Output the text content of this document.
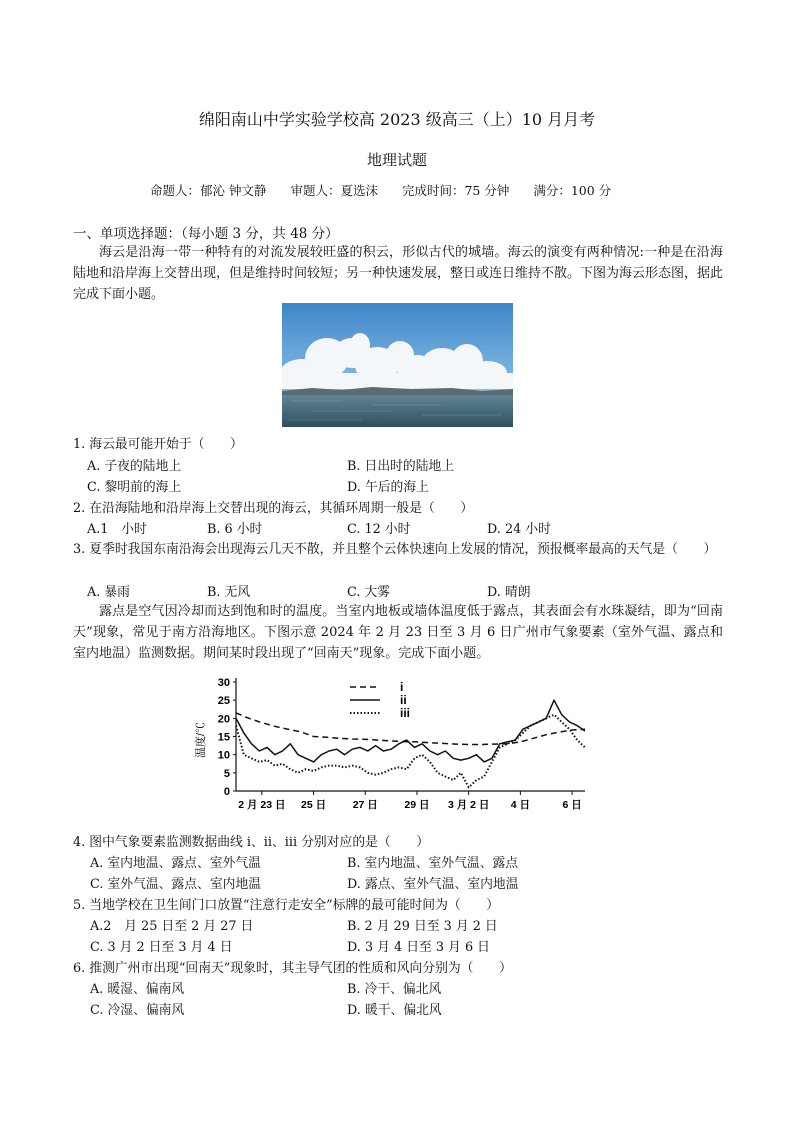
绵阳南山中学实验学校高 2023 级高三（上）10 月月考
地理试题
命题人：郁沁 钟文静 审题人：夏选沫 完成时间：75 分钟 满分：100 分
一、单项选择题：（每小题 3 分，共 48 分）
海云是沿海一带一种特有的对流发展较旺盛的积云，形似古代的城墙。海云的演变有两种情况:一种是在沿海陆地和沿岸海上交替出现，但是维持时间较短；另一种快速发展，整日或连日维持不散。下图为海云形态图，据此完成下面小题。
1. 海云最可能开始于（　　）
A. 子夜的陆地上	B. 日出时的陆地上
C. 黎明前的海上	D. 午后的海上
2. 在沿海陆地和沿岸海上交替出现的海云，其循环周期一般是（　　）
A.1　小时	B. 6 小时	C. 12 小时	D. 24 小时
3. 夏季时我国东南沿海会出现海云几天不散，并且整个云体快速向上发展的情况，预报概率最高的天气是（　　）
A. 暴雨	B. 无风	C. 大雾	D. 晴朗
露点是空气因冷却而达到饱和时的温度。当室内地板或墙体温度低于露点，其表面会有水珠凝结，即为“回南天”现象，常见于南方沿海地区。下图示意 2024 年 2 月 23 日至 3 月 6 日广州市气象要素（室外气温、露点和室内地温）监测数据。期间某时段出现了“回南天”现象。完成下面小题。
温度/℃
0
5
10
15
20
25
30
2 月 23 日 25 日	27 日	29 日 3 月 2 日 4 日	6 日
i
ii
iii
4. 图中气象要素监测数据曲线 i、ii、iii 分别对应的是（　　）
A. 室内地温、露点、室外气温	B. 室内地温、室外气温、露点
C. 室外气温、露点、室内地温	D. 露点、室外气温、室内地温
5. 当地学校在卫生间门口放置“注意行走安全”标牌的最可能时间为（　　）
A.2　月 25 日至 2 月 27 日	B. 2 月 29 日至 3 月 2 日
C. 3 月 2 日至 3 月 4 日	D. 3 月 4 日至 3 月 6 日
6. 推测广州市出现“回南天”现象时，其主导气团的性质和风向分别为（　　）
A. 暖湿、偏南风	B. 冷干、偏北风
C. 冷湿、偏南风	D. 暖干、偏北风
